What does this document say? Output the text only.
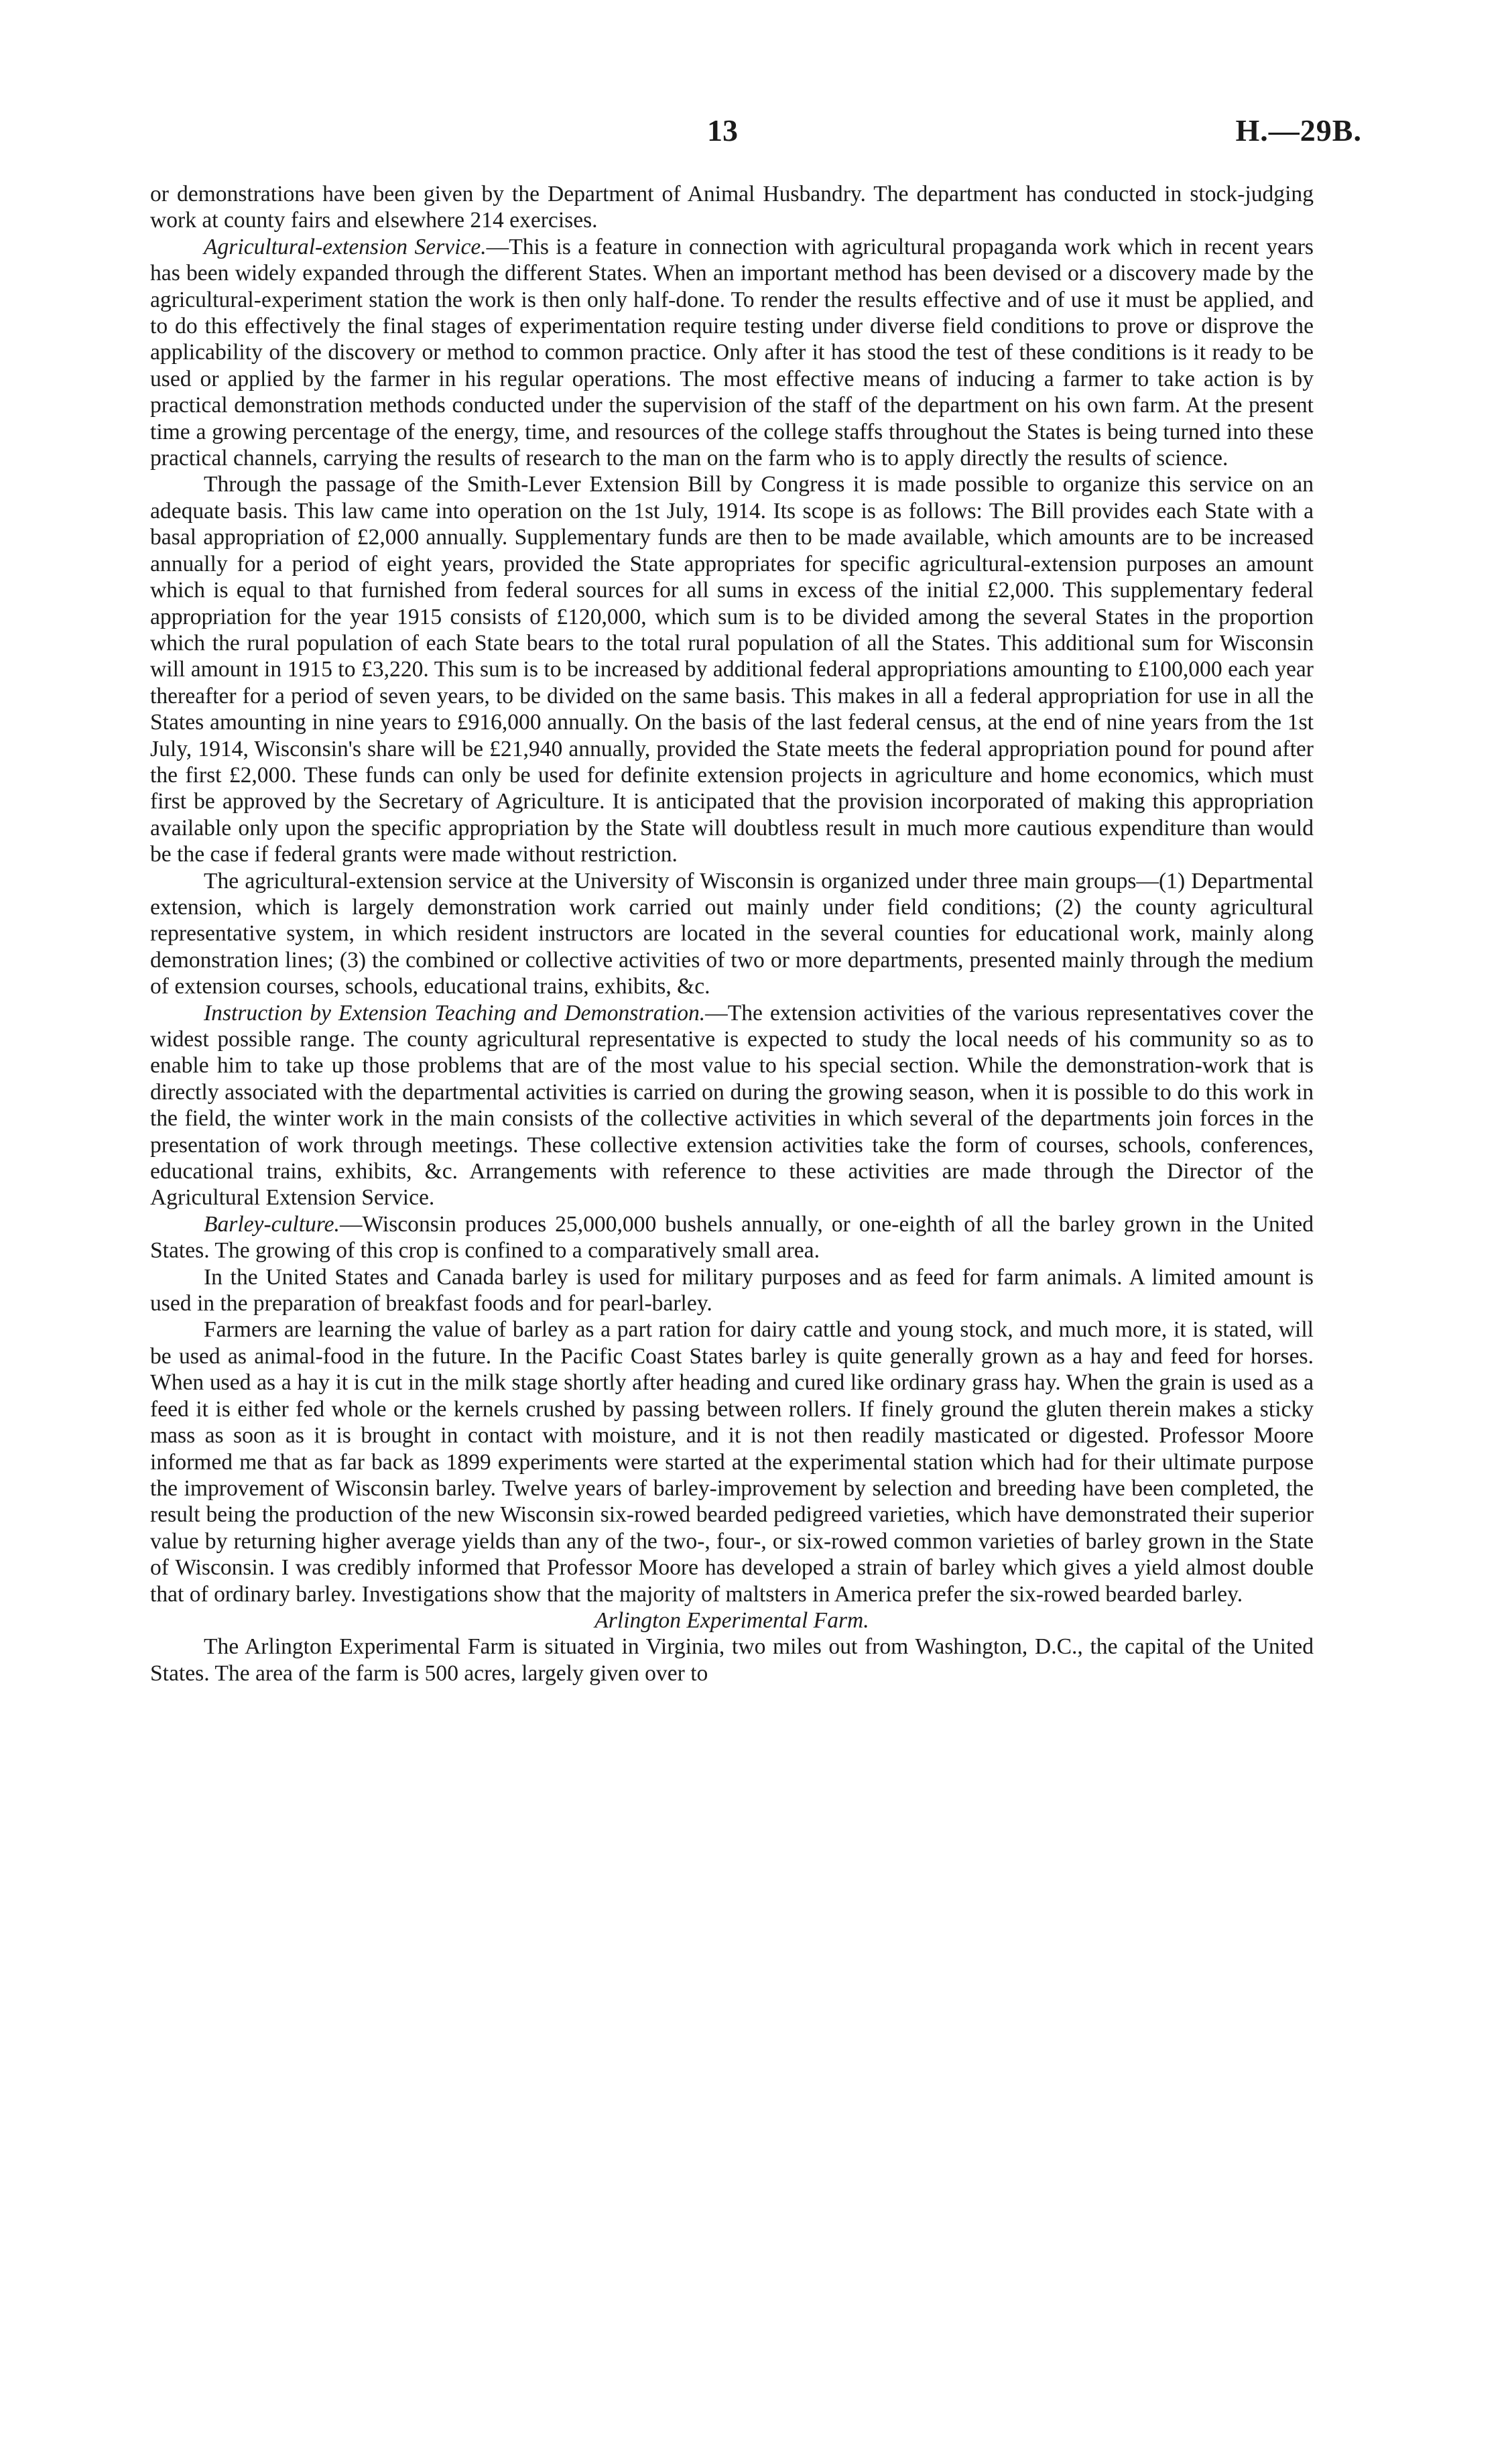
13	H.—29B.

or demonstrations have been given by the Department of Animal Husbandry. The department has conducted in stock-judging work at county fairs and elsewhere 214 exercises.

Agricultural-extension Service.—This is a feature in connection with agricultural propaganda work which in recent years has been widely expanded through the different States. When an important method has been devised or a discovery made by the agricultural-experiment station the work is then only half-done. To render the results effective and of use it must be applied, and to do this effectively the final stages of experimentation require testing under diverse field conditions to prove or disprove the applicability of the discovery or method to common practice. Only after it has stood the test of these conditions is it ready to be used or applied by the farmer in his regular operations. The most effective means of inducing a farmer to take action is by practical demonstration methods conducted under the supervision of the staff of the department on his own farm. At the present time a growing percentage of the energy, time, and resources of the college staffs throughout the States is being turned into these practical channels, carrying the results of research to the man on the farm who is to apply directly the results of science.

Through the passage of the Smith-Lever Extension Bill by Congress it is made possible to organize this service on an adequate basis. This law came into operation on the 1st July, 1914. Its scope is as follows: The Bill provides each State with a basal appropriation of £2,000 annually. Supplementary funds are then to be made available, which amounts are to be increased annually for a period of eight years, provided the State appropriates for specific agricultural-extension purposes an amount which is equal to that furnished from federal sources for all sums in excess of the initial £2,000. This supplementary federal appropriation for the year 1915 consists of £120,000, which sum is to be divided among the several States in the proportion which the rural population of each State bears to the total rural population of all the States. This additional sum for Wisconsin will amount in 1915 to £3,220. This sum is to be increased by additional federal appropriations amounting to £100,000 each year thereafter for a period of seven years, to be divided on the same basis. This makes in all a federal appropriation for use in all the States amounting in nine years to £916,000 annually. On the basis of the last federal census, at the end of nine years from the 1st July, 1914, Wisconsin's share will be £21,940 annually, provided the State meets the federal appropriation pound for pound after the first £2,000. These funds can only be used for definite extension projects in agriculture and home economics, which must first be approved by the Secretary of Agriculture. It is anticipated that the provision incorporated of making this appropriation available only upon the specific appropriation by the State will doubtless result in much more cautious expenditure than would be the case if federal grants were made without restriction.

The agricultural-extension service at the University of Wisconsin is organized under three main groups—(1) Departmental extension, which is largely demonstration work carried out mainly under field conditions; (2) the county agricultural representative system, in which resident instructors are located in the several counties for educational work, mainly along demonstration lines; (3) the combined or collective activities of two or more departments, presented mainly through the medium of extension courses, schools, educational trains, exhibits, &c.

Instruction by Extension Teaching and Demonstration.—The extension activities of the various representatives cover the widest possible range. The county agricultural representative is expected to study the local needs of his community so as to enable him to take up those problems that are of the most value to his special section. While the demonstration-work that is directly associated with the departmental activities is carried on during the growing season, when it is possible to do this work in the field, the winter work in the main consists of the collective activities in which several of the departments join forces in the presentation of work through meetings. These collective extension activities take the form of courses, schools, conferences, educational trains, exhibits, &c. Arrangements with reference to these activities are made through the Director of the Agricultural Extension Service.

Barley-culture.—Wisconsin produces 25,000,000 bushels annually, or one-eighth of all the barley grown in the United States. The growing of this crop is confined to a comparatively small area.

In the United States and Canada barley is used for military purposes and as feed for farm animals. A limited amount is used in the preparation of breakfast foods and for pearl-barley.

Farmers are learning the value of barley as a part ration for dairy cattle and young stock, and much more, it is stated, will be used as animal-food in the future. In the Pacific Coast States barley is quite generally grown as a hay and feed for horses. When used as a hay it is cut in the milk stage shortly after heading and cured like ordinary grass hay. When the grain is used as a feed it is either fed whole or the kernels crushed by passing between rollers. If finely ground the gluten therein makes a sticky mass as soon as it is brought in contact with moisture, and it is not then readily masticated or digested. Professor Moore informed me that as far back as 1899 experiments were started at the experimental station which had for their ultimate purpose the improvement of Wisconsin barley. Twelve years of barley-improvement by selection and breeding have been completed, the result being the production of the new Wisconsin six-rowed bearded pedigreed varieties, which have demonstrated their superior value by returning higher average yields than any of the two-, four-, or six-rowed common varieties of barley grown in the State of Wisconsin. I was credibly informed that Professor Moore has developed a strain of barley which gives a yield almost double that of ordinary barley. Investigations show that the majority of maltsters in America prefer the six-rowed bearded barley.

Arlington Experimental Farm.

The Arlington Experimental Farm is situated in Virginia, two miles out from Washington, D.C., the capital of the United States. The area of the farm is 500 acres, largely given over to
